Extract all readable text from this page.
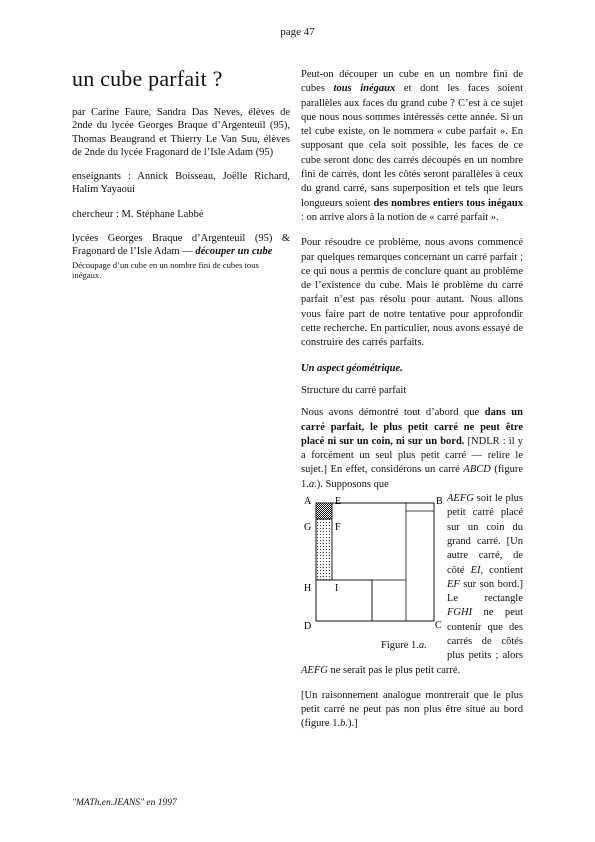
page 47
un cube parfait ?

par Carine Faure, Sandra Das Neves, élèves de 2nde du lycée Georges Braque d’Argenteuil (95), Thomas Beaugrand et Thierry Le Van Suu, élèves de 2nde du lycée Fragonard de l’Isle Adam (95)

enseignants : Annick Boisseau, Joëlle Richard, Halim Yayaoui

chercheur : M. Stéphane Labbé

lycées Georges Braque d’Argenteuil (95) & Fragonard de l’Isle Adam — découper un cube

Découpage d’un cube en un nombre fini de cubes tous inégaux.

Peut-on découper un cube en un nombre fini de cubes tous inégaux et dont les faces soient parallèles aux faces du grand cube ? C’est à ce sujet que nous nous sommes intéressés cette année. Si un tel cube existe, on le nommera « cube parfait ». En supposant que cela soit possible, les faces de ce cube seront donc des carrés découpés en un nombre fini de carrés, dont les côtés seront parallèles à ceux du grand carré, sans superposition et tels que leurs longueurs soient des nombres entiers tous inégaux : on arrive alors à la notion de « carré parfait ».

Pour résoudre ce problème, nous avons commencé par quelques remarques concernant un carré parfait ; ce qui nous a permis de conclure quant au problème de l’existence du cube. Mais le problème du carré parfait n’est pas résolu pour autant. Nous allons vous faire part de notre tentative pour approfondir cette recherche. En particulier, nous avons essayé de construire des carrés parfaits.

Un aspect géométrique.

Structure du carré parfait

Nous avons démontré tout d’abord que dans un carré parfait, le plus petit carré ne peut être placé ni sur un coin, ni sur un bord. [NDLR : il y a forcément un seul plus petit carré — relire le sujet.] En effet, considérons un carré ABCD (figure 1.a.). Supposons que

A E	B
G F
H I
D	C
Figure 1.a.

AEFG soit le plus petit carré placé sur un coin du grand carré. [Un autre carré, de côté EI, contient EF sur son bord.] Le rectangle FGHI ne peut contenir que des carrés de côtés plus petits ; alors AEFG ne serait pas le plus petit carré.

[Un raisonnement analogue montrerait que le plus petit carré ne peut pas non plus être situé au bord (figure 1.b.).]

"MATh.en.JEANS" en 1997
